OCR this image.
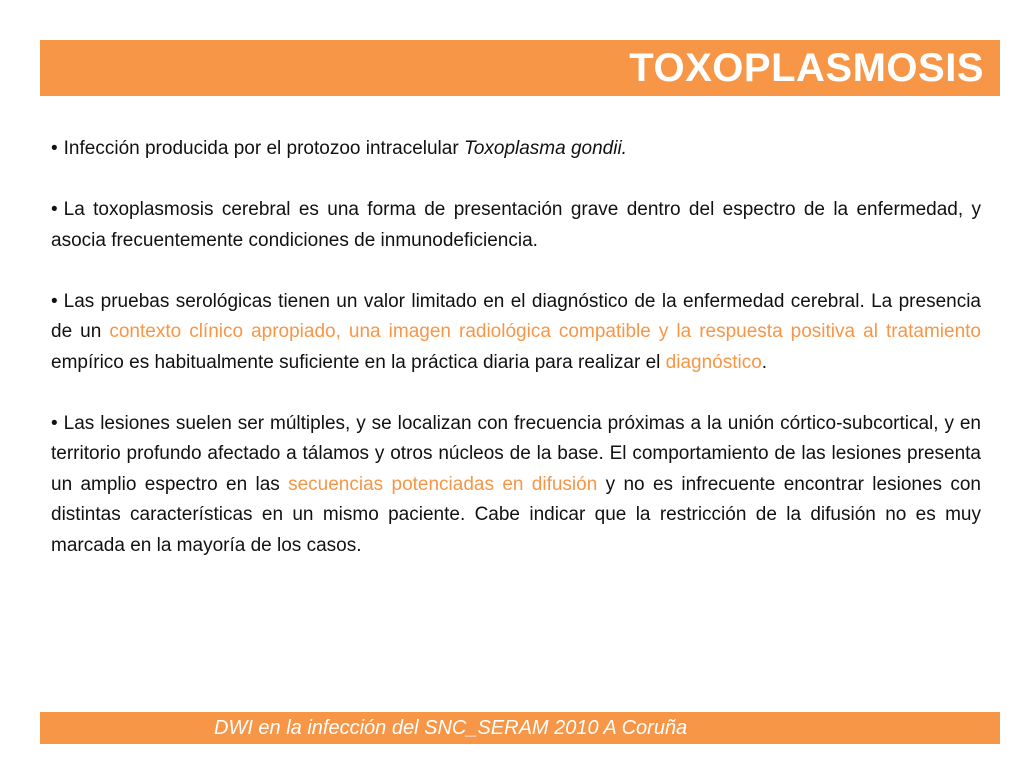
TOXOPLASMOSIS

• Infección producida por el protozoo intracelular Toxoplasma gondii.

• La toxoplasmosis cerebral es una forma de presentación grave dentro del espectro de la enfermedad, y asocia frecuentemente condiciones de inmunodeficiencia.

• Las pruebas serológicas tienen un valor limitado en el diagnóstico de la enfermedad cerebral. La presencia de un contexto clínico apropiado, una imagen radiológica compatible y la respuesta positiva al tratamiento empírico es habitualmente suficiente en la práctica diaria para realizar el diagnóstico.

• Las lesiones suelen ser múltiples, y se localizan con frecuencia próximas a la unión córtico-subcortical, y en territorio profundo afectado a tálamos y otros núcleos de la base. El comportamiento de las lesiones presenta un amplio espectro en las secuencias potenciadas en difusión y no es infrecuente encontrar lesiones con distintas características en un mismo paciente. Cabe indicar que la restricción de la difusión no es muy marcada en la mayoría de los casos.

DWI en la infección del SNC_SERAM 2010 A Coruña
